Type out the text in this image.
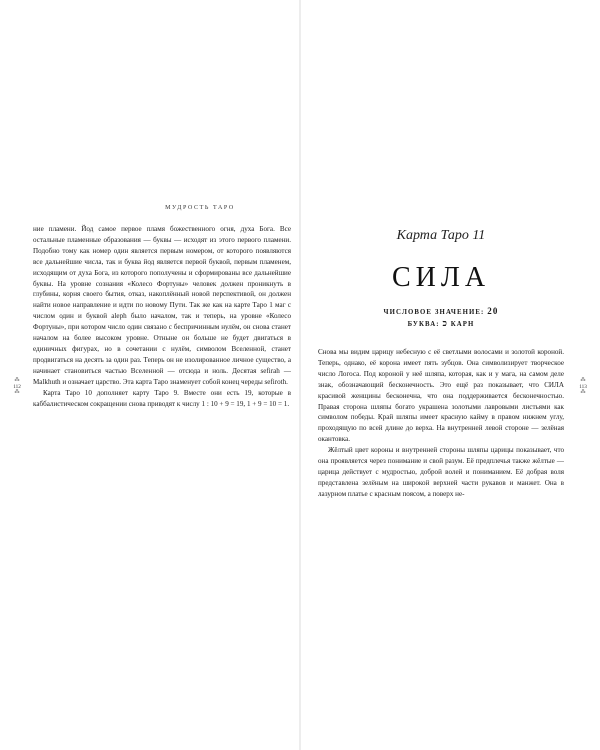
МУДРОСТЬ ТАРО

ние пламени. Йод самое первое пламя божественного огня, духа Бога. Все остальные пламенные образования — буквы — исходят из этого первого пламени. Подобно тому как номер один является первым номером, от которого появляются все дальнейшие числа, так и буква йод является первой буквой, первым пламенем, исходящим от духа Бога, из которого пополучены и сформированы все дальнейшие буквы. На уровне сознания «Колесо Фортуны» человек должен проникнуть в глубины, корня своего бытия, отказ, накоплённый новой перспективой, он должен найти новое направление и идти по новому Пути. Так же как на карте Таро 1 маг с числом один и буквой aleph было началом, так и теперь, на уровне «Колесо Фортуны», при котором число один связано с беспричинным нулём, он снова станет началом на более высоком уровне. Отныне он больше не будет двигаться в единичных фигурах, но в сочетании с нулём, символом Вселенной, станет продвигаться на десять за один раз. Теперь он не изолированное личное существо, а начинает становиться частью Вселенной — отсюда и ноль. Десятая sefirah — Malkhuth и означает царство. Эта карта Таро знаменует собой конец череды sefiroth.

Карта Таро 10 дополняет карту Таро 9. Вместе они есть 19, которые в каббалистическом сокращении снова приводят к числу 1 : 10 + 9 = 19, 1 + 9 = 10 = 1.

⁂
112
⁂
Карта Таро 11
СИЛА
ЧИСЛОВОЕ ЗНАЧЕНИЕ: 20
БУКВА: כ КАРН

Снова мы видим царицу небесную с её светлыми волосами и золотой короной. Теперь, однако, её корона имеет пять зубцов. Она символизирует творческое число Логоса. Под короной у неё шляпа, которая, как и у мага, на самом деле знак, обозначающий бесконечность. Это ещё раз показывает, что СИЛА красивой женщины бесконечна, что она поддерживается бесконечностью. Правая сторона шляпы богато украшена золотыми лавровыми листьями как символом победы. Край шляпы имеет красную кайму в правом нижнем углу, проходящую по всей длине до верха. На внутренней левой стороне — зелёная окантовка.

Жёлтый цвет короны и внутренней стороны шляпы царицы показывает, что она проявляется через понимание и свой разум. Её предплечья также жёлтые — царица действует с мудростью, доброй волей и пониманием. Её добрая воля представлена зелёным на широкой верхней части рукавов и манжет. Она в лазурном платье с красным поясом, а поверх не-

⁂
113
⁂
